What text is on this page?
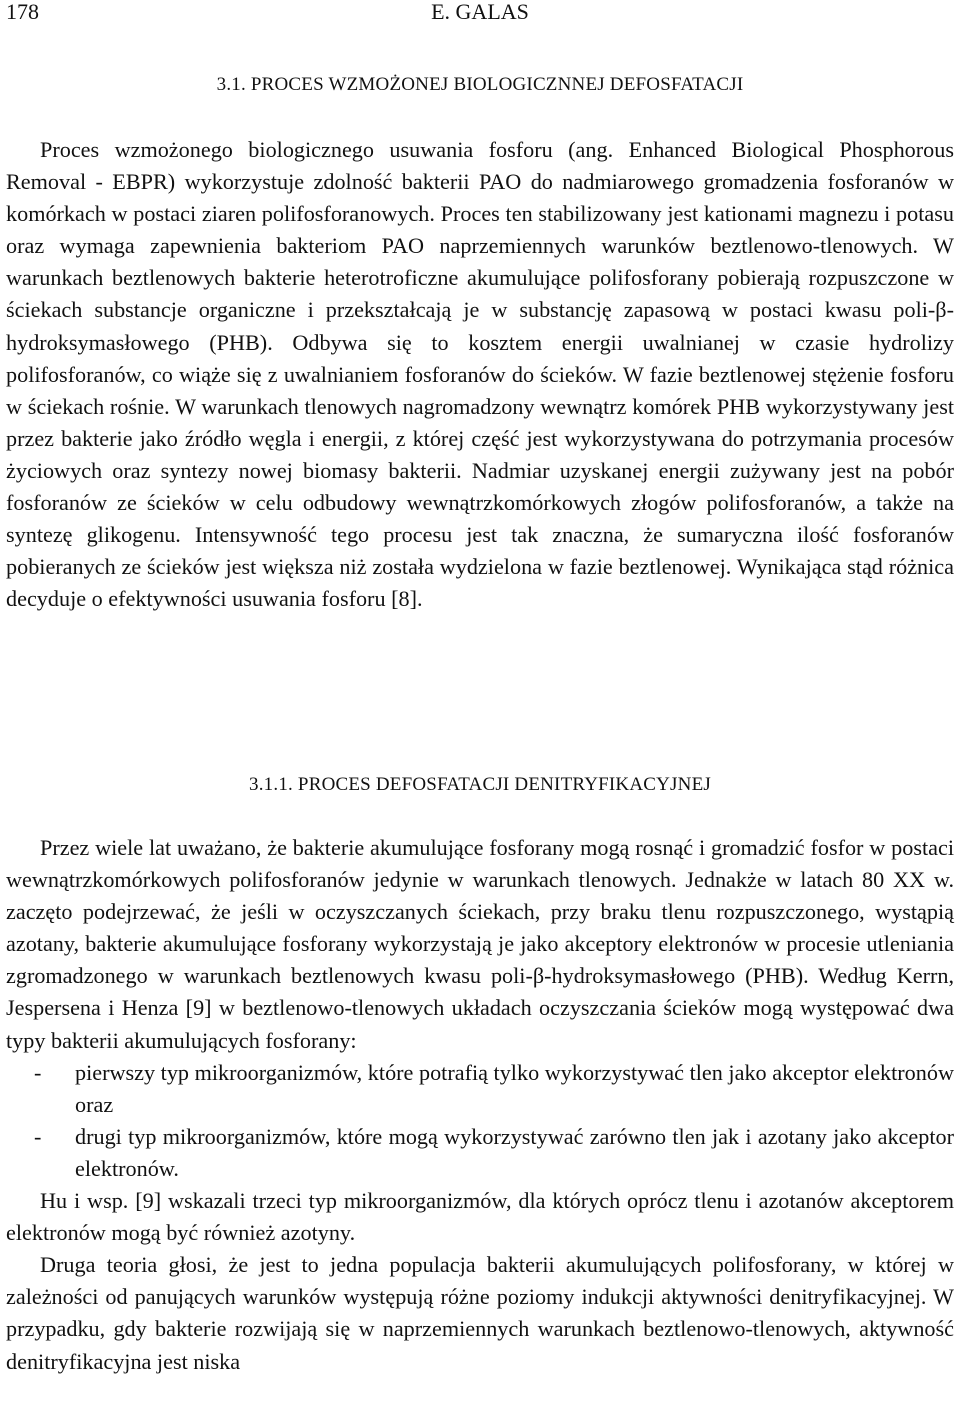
178	E. GALAS
3.1. PROCES WZMOŻONEJ BIOLOGICZNNEJ DEFOSFATACJI

Proces wzmożonego biologicznego usuwania fosforu (ang. Enhanced Biological Phosphorous Removal - EBPR) wykorzystuje zdolność bakterii PAO do nadmiarowego gromadzenia fosforanów w komórkach w postaci ziaren polifosforanowych. Proces ten stabilizowany jest kationami magnezu i potasu oraz wymaga zapewnienia bakteriom PAO naprzemiennych warunków beztlenowo-tlenowych. W warunkach beztlenowych bakterie heterotroficzne akumulujące polifosforany pobierają rozpuszczone w ściekach substancje organiczne i przekształcają je w substancję zapasową w postaci kwasu poli-β-hydroksymasłowego (PHB). Odbywa się to kosztem energii uwalnianej w czasie hydrolizy polifosforanów, co wiąże się z uwalnianiem fosforanów do ścieków. W fazie beztlenowej stężenie fosforu w ściekach rośnie. W warunkach tlenowych nagromadzony wewnątrz komórek PHB wykorzystywany jest przez bakterie jako źródło węgla i energii, z której część jest wykorzystywana do potrzymania procesów życiowych oraz syntezy nowej biomasy bakterii. Nadmiar uzyskanej energii zużywany jest na pobór fosforanów ze ścieków w celu odbudowy wewnątrzkomórkowych złogów polifosforanów, a także na syntezę glikogenu. Intensywność tego procesu jest tak znaczna, że sumaryczna ilość fosforanów pobieranych ze ścieków jest większa niż została wydzielona w fazie beztlenowej. Wynikająca stąd różnica decyduje o efektywności usuwania fosforu [8].

3.1.1. PROCES DEFOSFATACJI DENITRYFIKACYJNEJ

Przez wiele lat uważano, że bakterie akumulujące fosforany mogą rosnąć i gromadzić fosfor w postaci wewnątrzkomórkowych polifosforanów jedynie w warunkach tlenowych. Jednakże w latach 80 XX w. zaczęto podejrzewać, że jeśli w oczyszczanych ściekach, przy braku tlenu rozpuszczonego, wystąpią azotany, bakterie akumulujące fosforany wykorzystają je jako akceptory elektronów w procesie utleniania zgromadzonego w warunkach beztlenowych kwasu poli-β-hydroksymasłowego (PHB). Według Kerrn, Jespersena i Henza [9] w beztlenowo-tlenowych układach oczyszczania ścieków mogą występować dwa typy bakterii akumulujących fosforany:

- pierwszy typ mikroorganizmów, które potrafią tylko wykorzystywać tlen jako akceptor elektronów oraz
- drugi typ mikroorganizmów, które mogą wykorzystywać zarówno tlen jak i azotany jako akceptor elektronów.

Hu i wsp. [9] wskazali trzeci typ mikroorganizmów, dla których oprócz tlenu i azotanów akceptorem elektronów mogą być również azotyny.

Druga teoria głosi, że jest to jedna populacja bakterii akumulujących polifosforany, w której w zależności od panujących warunków występują różne poziomy indukcji aktywności denitryfikacyjnej. W przypadku, gdy bakterie rozwijają się w naprzemiennych warunkach beztlenowo-tlenowych, aktywność denitryfikacyjna jest niska
